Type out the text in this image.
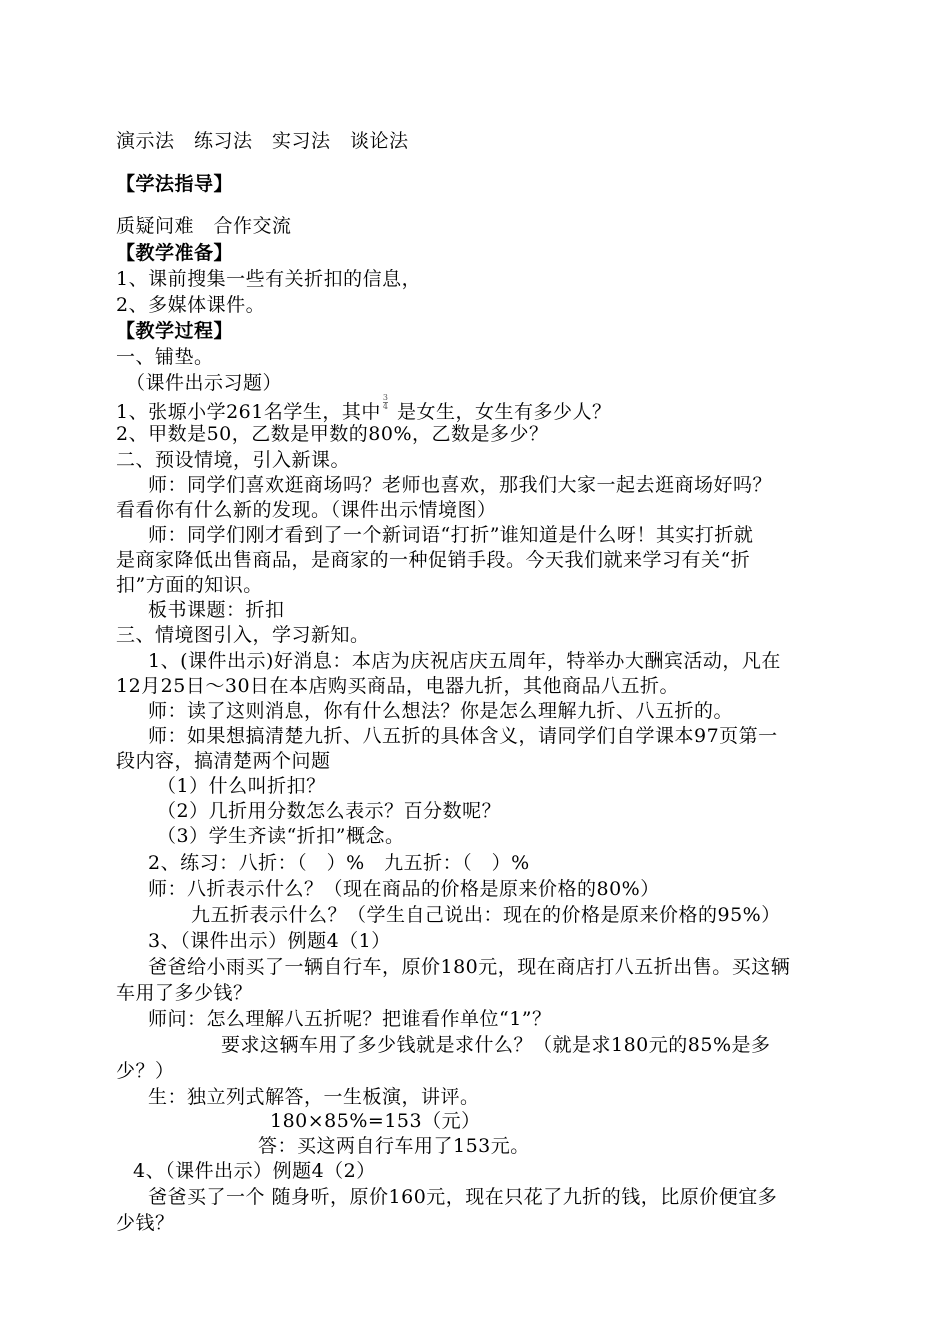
演示法　练习法　实习法　谈论法
【学法指导】
质疑问难　合作交流
【教学准备】
1、课前搜集一些有关折扣的信息，
2、多媒体课件。
【教学过程】
一、铺垫。
（课件出示习题）
1、张塬小学261名学生，其中 $\frac{3}{4}$ 是女生，女生有多少人？
2、甲数是50，乙数是甲数的80%，乙数是多少？
二、预设情境，引入新课。
师：同学们喜欢逛商场吗？老师也喜欢，那我们大家一起去逛商场好吗？
看看你有什么新的发现。（课件出示情境图）
师：同学们刚才看到了一个新词语“打折”谁知道是什么呀！其实打折就
是商家降低出售商品，是商家的一种促销手段。今天我们就来学习有关“折
扣”方面的知识。
板书课题：折扣
三、情境图引入，学习新知。
1、(课件出示)好消息：本店为庆祝店庆五周年，特举办大酬宾活动，凡在
12月25日～30日在本店购买商品，电器九折，其他商品八五折。
师：读了这则消息，你有什么想法？你是怎么理解九折、八五折的。
师：如果想搞清楚九折、八五折的具体含义，请同学们自学课本97页第一
段内容，搞清楚两个问题
（1）什么叫折扣？
（2）几折用分数怎么表示？百分数呢？
（3）学生齐读“折扣”概念。
2、练习：八折：（　）%　九五折：（　）%
师：八折表示什么？（现在商品的价格是原来价格的80%）
九五折表示什么？（学生自己说出：现在的价格是原来价格的95%）
3、（课件出示）例题4（1）
爸爸给小雨买了一辆自行车，原价180元，现在商店打八五折出售。买这辆
车用了多少钱？
师问：怎么理解八五折呢？把谁看作单位“1”？
要求这辆车用了多少钱就是求什么？（就是求180元的85%是多
少？）
生：独立列式解答，一生板演，讲评。
180×85%=153（元）
答：买这两自行车用了153元。
4、（课件出示）例题4（2）
爸爸买了一个 随身听，原价160元，现在只花了九折的钱，比原价便宜多
少钱？
